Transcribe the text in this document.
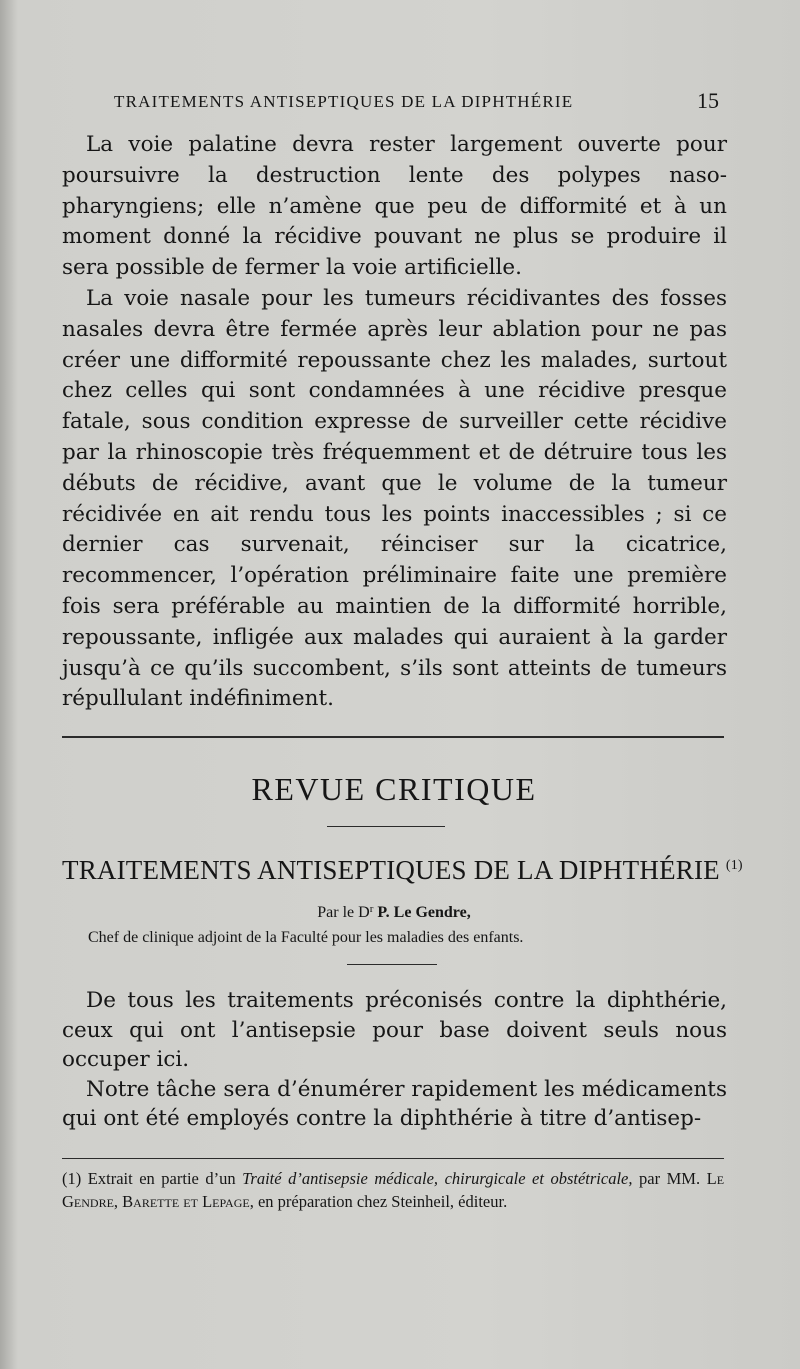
TRAITEMENTS ANTISEPTIQUES DE LA DIPHTHÉRIE	15

La voie palatine devra rester largement ouverte pour poursuivre la destruction lente des polypes naso-pharyngiens; elle n’amène que peu de difformité et à un moment donné la récidive pouvant ne plus se produire il sera possible de fermer la voie artificielle.

La voie nasale pour les tumeurs récidivantes des fosses nasales devra être fermée après leur ablation pour ne pas créer une difformité repoussante chez les malades, surtout chez celles qui sont condamnées à une récidive presque fatale, sous condition expresse de surveiller cette récidive par la rhinoscopie très fréquemment et de détruire tous les débuts de récidive, avant que le volume de la tumeur récidivée en ait rendu tous les points inaccessibles ; si ce dernier cas survenait, réinciser sur la cicatrice, recommencer, l’opération préliminaire faite une première fois sera préférable au maintien de la difformité horrible, repoussante, infligée aux malades qui auraient à la garder jusqu’à ce qu’ils succombent, s’ils sont atteints de tumeurs répullulant indéfiniment.

REVUE CRITIQUE
TRAITEMENTS ANTISEPTIQUES DE LA DIPHTHÉRIE $^{(1)}$
Par le $D^r$ P. Le Gendre,
Chef de clinique adjoint de la Faculté pour les maladies des enfants.

De tous les traitements préconisés contre la diphthérie, ceux qui ont l’antisepsie pour base doivent seuls nous occuper ici.

Notre tâche sera d’énumérer rapidement les médicaments qui ont été employés contre la diphthérie à titre d’antisep-

(1) Extrait en partie d’un Traité d’antisepsie médicale, chirurgicale et obstétricale, par MM. Le Gendre, Barette et Lepage, en préparation chez Steinheil, éditeur.
